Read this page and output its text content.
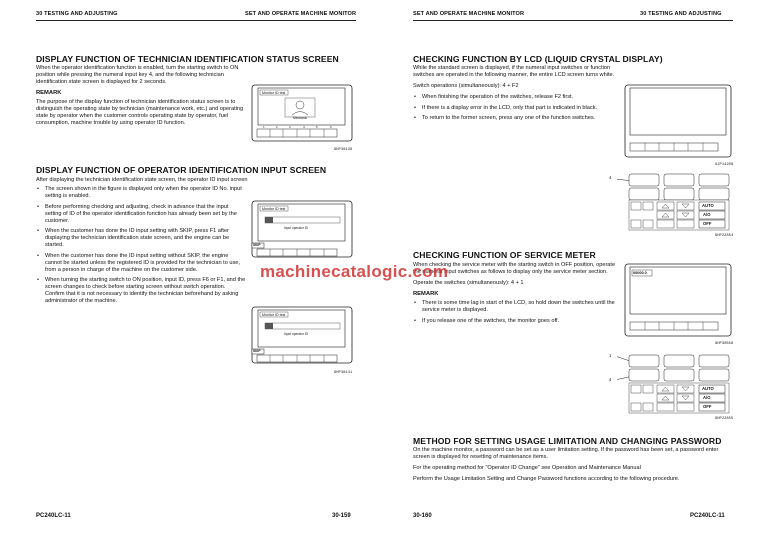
30 TESTING AND ADJUSTING	SET AND OPERATE MACHINE MONITOR	SET AND OPERATE MACHINE MONITOR	30 TESTING AND ADJUSTING
DISPLAY FUNCTION OF TECHNICIAN IDENTIFICATION STATUS SCREEN

When the operator identification function is enabled, turn the starting switch to ON position while pressing the numeral input key 4, and the following technician identification state screen is displayed for 2 seconds.

REMARK

The purpose of the display function of technician identification status screen is to distinguish the operating state by technician (maintenance work, etc.) and operating state by operator when the customer controls operating state by operator, fuel consumption, machine trouble by using operator ID function.

1	2	3	4	5	6
Monitor ID test
Mechanic
9HP30138
DISPLAY FUNCTION OF OPERATOR IDENTIFICATION INPUT SCREEN
After displaying the technician identification state screen, the operator ID input screen
• The screen shown in the figure is displayed only when the operator ID No. input setting is enabled.
• Before performing checking and adjusting, check in advance that the input setting of ID of the operator identification function has already been set by the customer.
• When the customer has done the ID input setting with SKIP, press F1 after displaying the technician identification state screen, and the engine can be started.
• When the customer has done the ID input setting without SKIP, the engine cannot be started unless the registered ID is provided for the technician to use, from a person in charge of the machine on the customer side.
• When turning the starting switch to ON position, input ID, press F6 or F1, and the screen changes to check before starting screen without switch operation. Confirm that it is not necessary to identify the technician beforehand by asking administrator of the machine.
Monitor ID test
Input operator ID
SKIP
Monitor ID test
Input operator ID
SKIP
9HP30141
PC240LC-11	30-159
CHECKING FUNCTION BY LCD (LIQUID CRYSTAL DISPLAY)

While the standard screen is displayed, if the numeral input switches or function switches are operated in the following manner, the entire LCD screen turns white.

Switch operations (simultaneously): 4 + F2

• When finishing the operation of the switches, release F2 first.
• If there is a display error in the LCD, only that part is indicated in black.
• To return to the former screen, press any one of the function switches.
9JP14208
4
AUTO
A/O
OFF
9HP22854
CHECKING FUNCTION OF SERVICE METER

When checking the service meter with the starting switch in OFF position, operate the numeral input switches as follows to display only the service meter section.

Operate the switches (simultaneously): 4 + 1

REMARK
• There is some time lag in start of the LCD, so hold down the switches until the service meter is displayed.
• If you release one of the switches, the monitor goes off.
00000.0
9HP30858
1
4
AUTO
A/O
OFF
9HP22855
METHOD FOR SETTING USAGE LIMITATION AND CHANGING PASSWORD

On the machine monitor, a password can be set as a user limitation setting. If the password has been set, a password enter screen is displayed for resetting of maintenance items.

For the operating method for "Operator ID Change" see Operation and Maintenance Manual

Perform the Usage Limitation Setting and Change Password functions according to the following procedure.

30-160	PC240LC-11
machinecatalogic.com
